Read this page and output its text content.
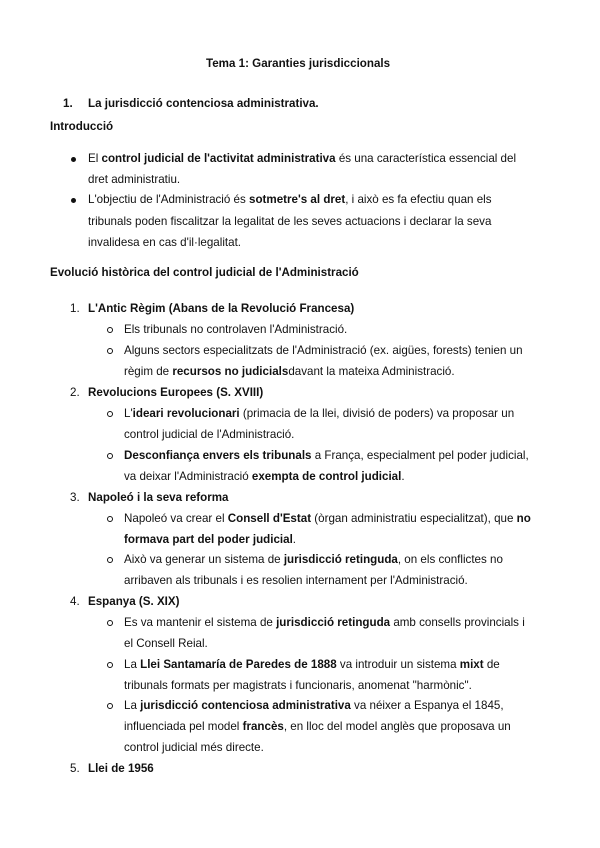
Tema 1: Garanties jurisdiccionals
1. La jurisdicció contenciosa administrativa.
Introducció
El control judicial de l'activitat administrativa és una característica essencial del
dret administratiu.
L'objectiu de l'Administració és sotmetre's al dret, i això es fa efectiu quan els
tribunals poden fiscalitzar la legalitat de les seves actuacions i declarar la seva
invalidesa en cas d'il·legalitat.
Evolució històrica del control judicial de l'Administració
1. L'Antic Règim (Abans de la Revolució Francesa)
Els tribunals no controlaven l'Administració.
Alguns sectors especialitzats de l'Administració (ex. aigües, forests) tenien un
règim de recursos no judicialsdavant la mateixa Administració.
2. Revolucions Europees (S. XVIII)
L'ideari revolucionari (primacia de la llei, divisió de poders) va proposar un
control judicial de l'Administració.
Desconfiança envers els tribunals a França, especialment pel poder judicial,
va deixar l'Administració exempta de control judicial.
3. Napoleó i la seva reforma
Napoleó va crear el Consell d'Estat (òrgan administratiu especialitzat), que no
formava part del poder judicial.
Això va generar un sistema de jurisdicció retinguda, on els conflictes no
arribaven als tribunals i es resolien internament per l'Administració.
4. Espanya (S. XIX)
Es va mantenir el sistema de jurisdicció retinguda amb consells provincials i
el Consell Reial.
La Llei Santamaría de Paredes de 1888 va introduir un sistema mixt de
tribunals formats per magistrats i funcionaris, anomenat "harmònic".
La jurisdicció contenciosa administrativa va néixer a Espanya el 1845,
influenciada pel model francès, en lloc del model anglès que proposava un
control judicial més directe.
5. Llei de 1956
